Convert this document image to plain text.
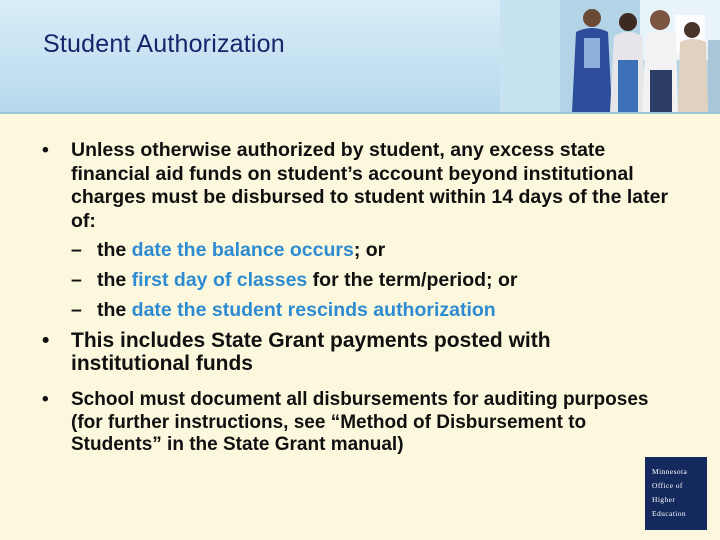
Student Authorization
• Unless otherwise authorized by student, any excess state financial aid funds on student’s account beyond institutional charges must be disbursed to student within 14 days of the later of:
– the date the balance occurs; or
– the first day of classes for the term/period; or
– the date the student rescinds authorization
• This includes State Grant payments posted with institutional funds
• School must document all disbursements for auditing purposes (for further instructions, see “Method of Disbursement to Students” in the State Grant manual)
Minnesota
Office of
Higher
Education
